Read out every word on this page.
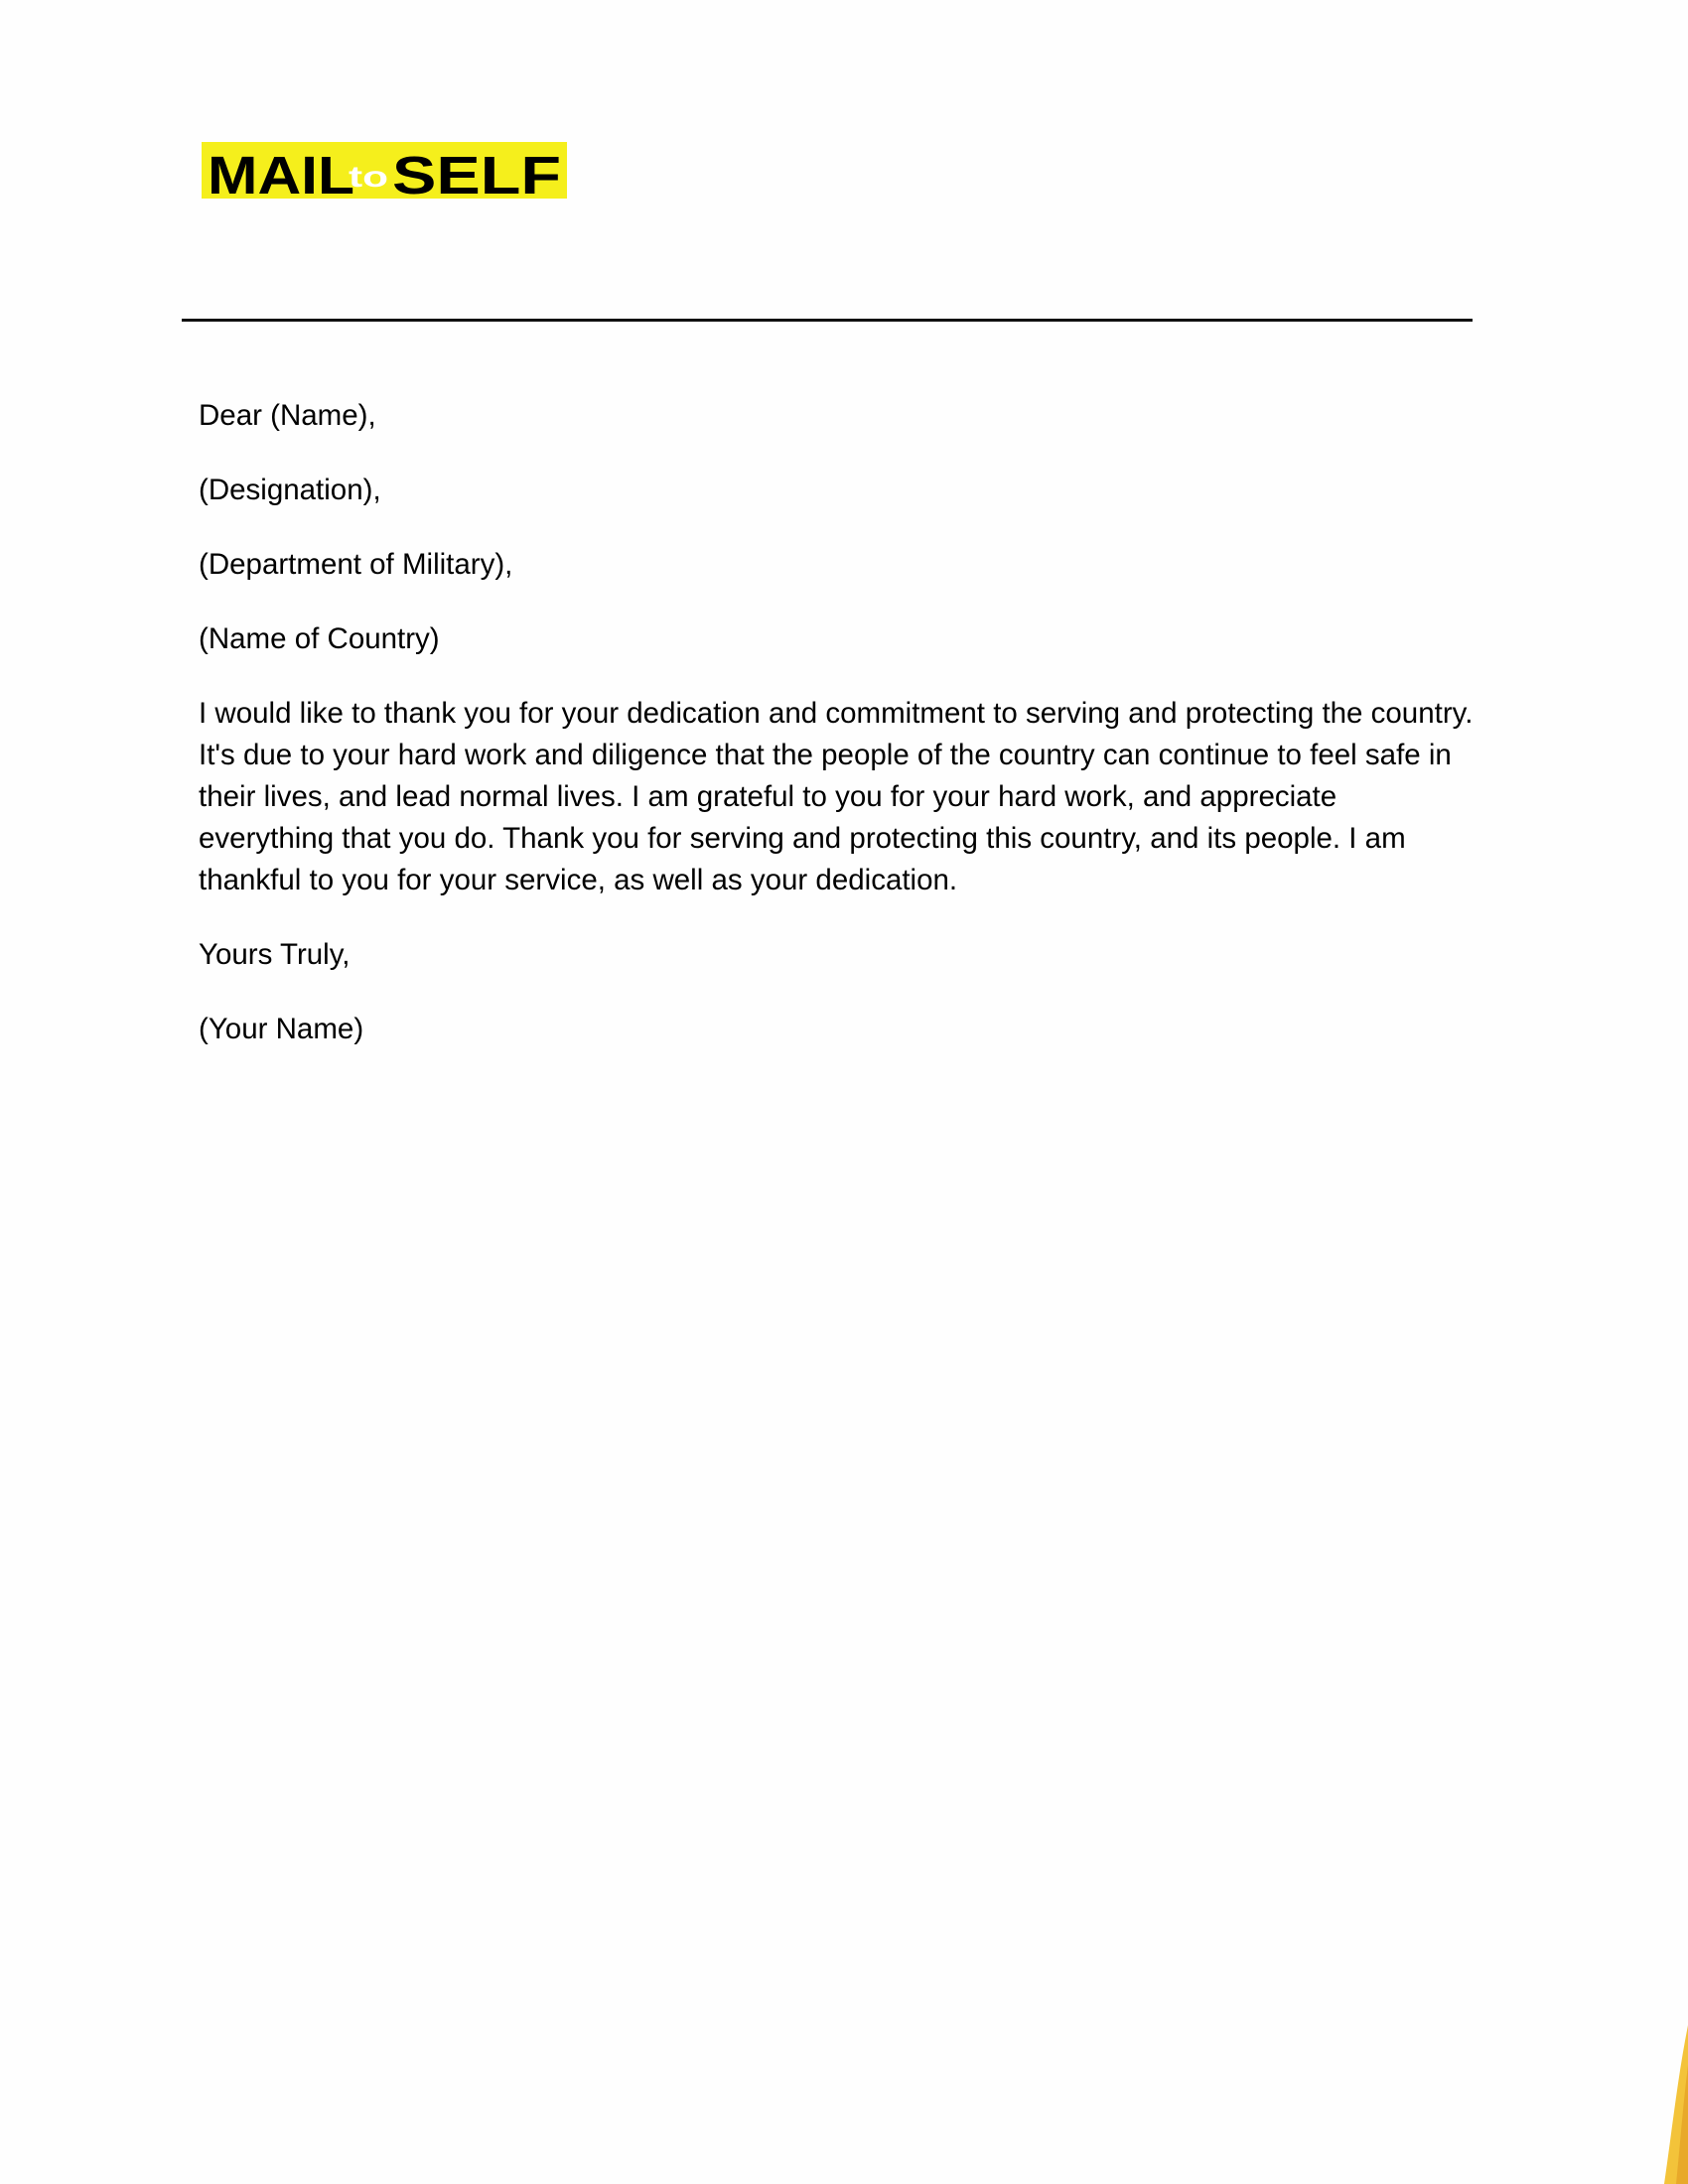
MAIL
to SELF

Dear (Name),

(Designation),

(Department of Military),

(Name of Country)

I would like to thank you for your dedication and commitment to serving and protecting the country. It's due to your hard work and diligence that the people of the country can continue to feel safe in their lives, and lead normal lives. I am grateful to you for your hard work, and appreciate everything that you do. Thank you for serving and protecting this country, and its people. I am thankful to you for your service, as well as your dedication.

Yours Truly,

(Your Name)
